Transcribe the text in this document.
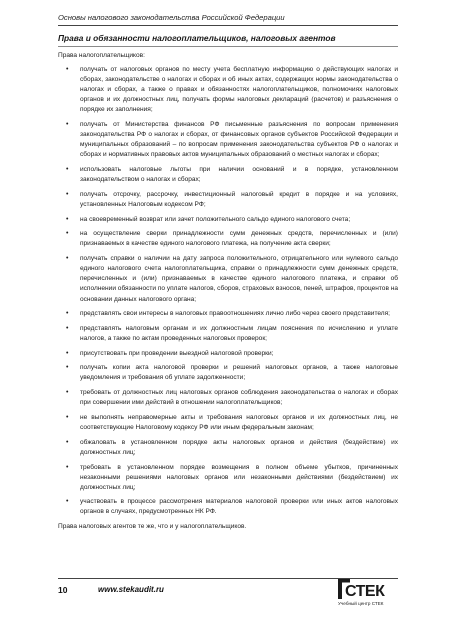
Основы налогового законодательства Российской Федерации
Права и обязанности налогоплательщиков, налоговых агентов

Права налогоплательщиков:

• получать от налоговых органов по месту учета бесплатную информацию о действующих налогах и сборах, законодательстве о налогах и сборах и об иных актах, содержащих нормы законодательства о налогах и сборах, а также о правах и обязанностях налогоплательщиков, полномочиях налоговых органов и их должностных лиц, получать формы налоговых деклараций (расчетов) и разъяснения о порядке их заполнения;
• получать от Министерства финансов РФ письменные разъяснения по вопросам применения законодательства РФ о налогах и сборах, от финансовых органов субъектов Российской Федерации и муниципальных образований – по вопросам применения законодательства субъектов РФ о налогах и сборах и нормативных правовых актов муниципальных образований о местных налогах и сборах;
• использовать налоговые льготы при наличии оснований и в порядке, установленном законодательством о налогах и сборах;
• получать отсрочку, рассрочку, инвестиционный налоговый кредит в порядке и на условиях, установленных Налоговым кодексом РФ;
• на своевременный возврат или зачет положительного сальдо единого налогового счета;
• на осуществление сверки принадлежности сумм денежных средств, перечисленных и (или) признаваемых в качестве единого налогового платежа, на получение акта сверки;
• получать справки о наличии на дату запроса положительного, отрицательного или нулевого сальдо единого налогового счета налогоплательщика, справки о принадлежности сумм денежных средств, перечисленных и (или) признаваемых в качестве единого налогового платежа, и справки об исполнении обязанности по уплате налогов, сборов, страховых взносов, пеней, штрафов, процентов на основании данных налогового органа;
• представлять свои интересы в налоговых правоотношениях лично либо через своего представителя;
• представлять налоговым органам и их должностным лицам пояснения по исчислению и уплате налогов, а также по актам проведенных налоговых проверок;
• присутствовать при проведении выездной налоговой проверки;
• получать копии акта налоговой проверки и решений налоговых органов, а также налоговые уведомления и требования об уплате задолженности;
• требовать от должностных лиц налоговых органов соблюдения законодательства о налогах и сборах при совершении ими действий в отношении налогоплательщиков;
• не выполнять неправомерные акты и требования налоговых органов и их должностных лиц, не соответствующие Налоговому кодексу РФ или иным федеральным законам;
• обжаловать в установленном порядке акты налоговых органов и действия (бездействие) их должностных лиц;
• требовать в установленном порядке возмещения в полном объеме убытков, причиненных незаконными решениями налоговых органов или незаконными действиями (бездействием) их должностных лиц;
• участвовать в процессе рассмотрения материалов налоговой проверки или иных актов налоговых органов в случаях, предусмотренных НК РФ.

Права налоговых агентов те же, что и у налогоплательщиков.

10	www.stekaudit.ru	СТЕК
Учебный центр СТЕК
